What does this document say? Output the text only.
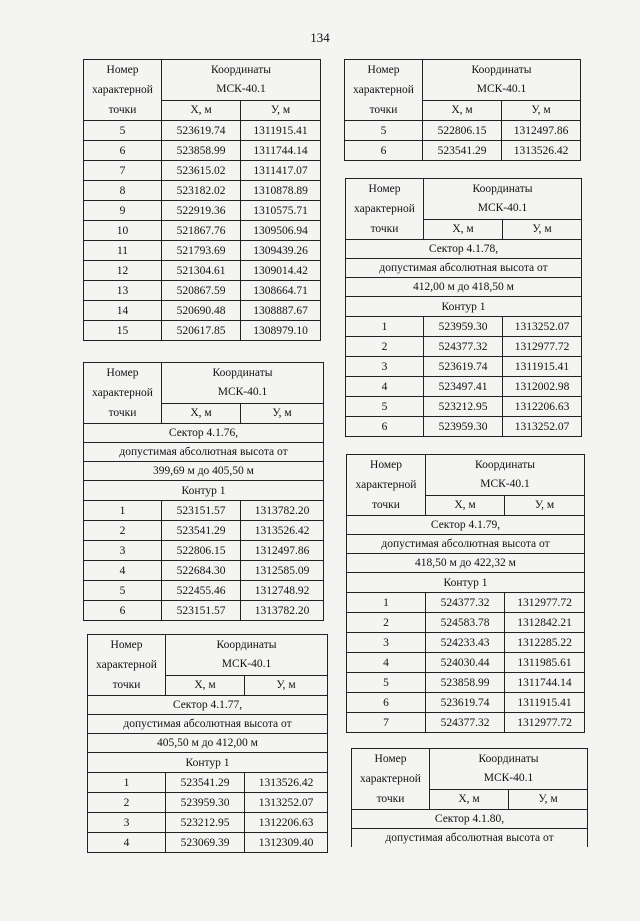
134
Номер
характерной
точки	Координаты	
	МСК-40.1	
	Х, м	У, м
5	523619.74	1311915.41
6	523858.99	1311744.14
7	523615.02	1311417.07
8	523182.02	1310878.89
9	522919.36	1310575.71
10	521867.76	1309506.94
11	521793.69	1309439.26
12	521304.61	1309014.42
13	520867.59	1308664.71
14	520690.48	1308887.67
15	520617.85	1308979.10
Номер
характерной
точки	Координаты	
	МСК-40.1	
	Х, м	У, м
Сектор 4.1.76,		
допустимая абсолютная высота от		
399,69 м до 405,50 м		
Контур 1		
1	523151.57	1313782.20
2	523541.29	1313526.42
3	522806.15	1312497.86
4	522684.30	1312585.09
5	522455.46	1312748.92
6	523151.57	1313782.20
Номер
характерной
точки	Координаты	
	МСК-40.1	
	Х, м	У, м
Сектор 4.1.77,		
допустимая абсолютная высота от		
405,50 м до 412,00 м		
Контур 1		
1	523541.29	1313526.42
2	523959.30	1313252.07
3	523212.95	1312206.63
4	523069.39	1312309.40
Номер
характерной
точки	Координаты	
	МСК-40.1	
	Х, м	У, м
5	522806.15	1312497.86
6	523541.29	1313526.42
Номер
характерной
точки	Координаты	
	МСК-40.1	
	Х, м	У, м
Сектор 4.1.78,		
допустимая абсолютная высота от		
412,00 м до 418,50 м		
Контур 1		
1	523959.30	1313252.07
2	524377.32	1312977.72
3	523619.74	1311915.41
4	523497.41	1312002.98
5	523212.95	1312206.63
6	523959.30	1313252.07
Номер
характерной
точки	Координаты	
	МСК-40.1	
	Х, м	У, м
Сектор 4.1.79,		
допустимая абсолютная высота от		
418,50 м до 422,32 м		
Контур 1		
1	524377.32	1312977.72
2	524583.78	1312842.21
3	524233.43	1312285.22
4	524030.44	1311985.61
5	523858.99	1311744.14
6	523619.74	1311915.41
7	524377.32	1312977.72
Номер
характерной
точки	Координаты	
	МСК-40.1	
	Х, м	У, м
Сектор 4.1.80,		
допустимая абсолютная высота от		
